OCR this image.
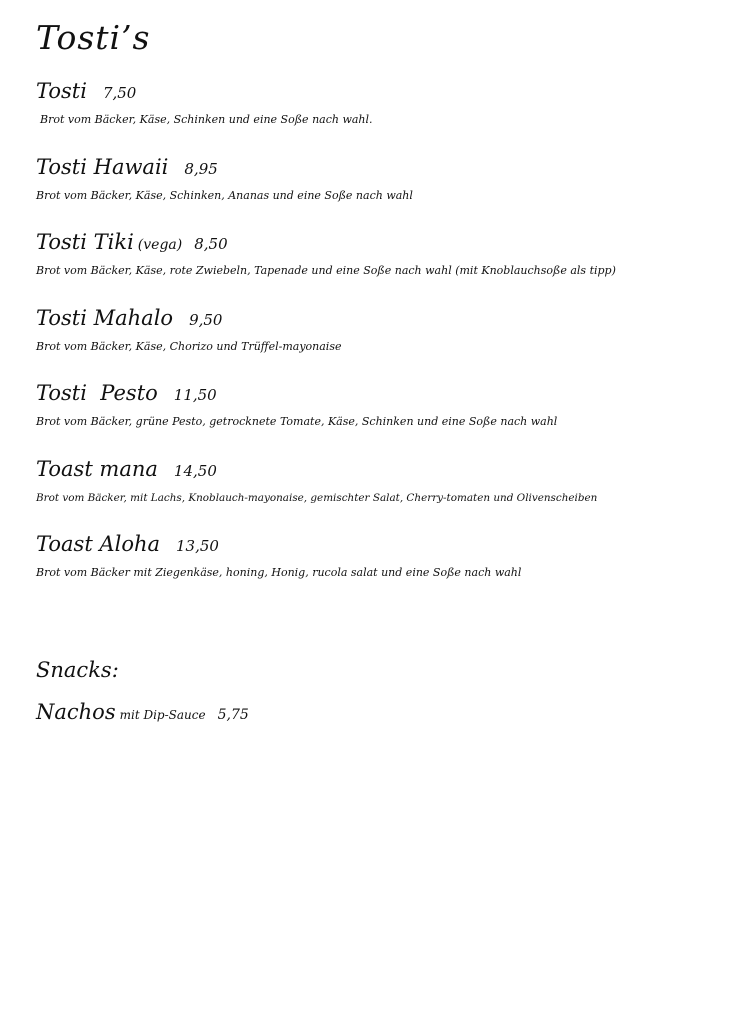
Tosti’s
Tosti 7,50
Brot vom Bäcker, Käse, Schinken und eine Soße nach wahl.
Tosti Hawaii 8,95
Brot vom Bäcker, Käse, Schinken, Ananas und eine Soße nach wahl
Tosti Tiki (vega) 8,50
Brot vom Bäcker, Käse, rote Zwiebeln, Tapenade und eine Soße nach wahl (mit Knoblauchsoße als tipp)
Tosti Mahalo 9,50
Brot vom Bäcker, Käse, Chorizo und Trüffel-mayonaise
Tosti  Pesto 11,50
Brot vom Bäcker, grüne Pesto, getrocknete Tomate, Käse, Schinken und eine Soße nach wahl
Toast mana 14,50
Brot vom Bäcker, mit Lachs, Knoblauch-mayonaise, gemischter Salat, Cherry-tomaten und Olivenscheiben
Toast Aloha 13,50
Brot vom Bäcker mit Ziegenkäse, honing, Honig, rucola salat und eine Soße nach wahl
Snacks:
Nachos mit Dip-Sauce 5,75
